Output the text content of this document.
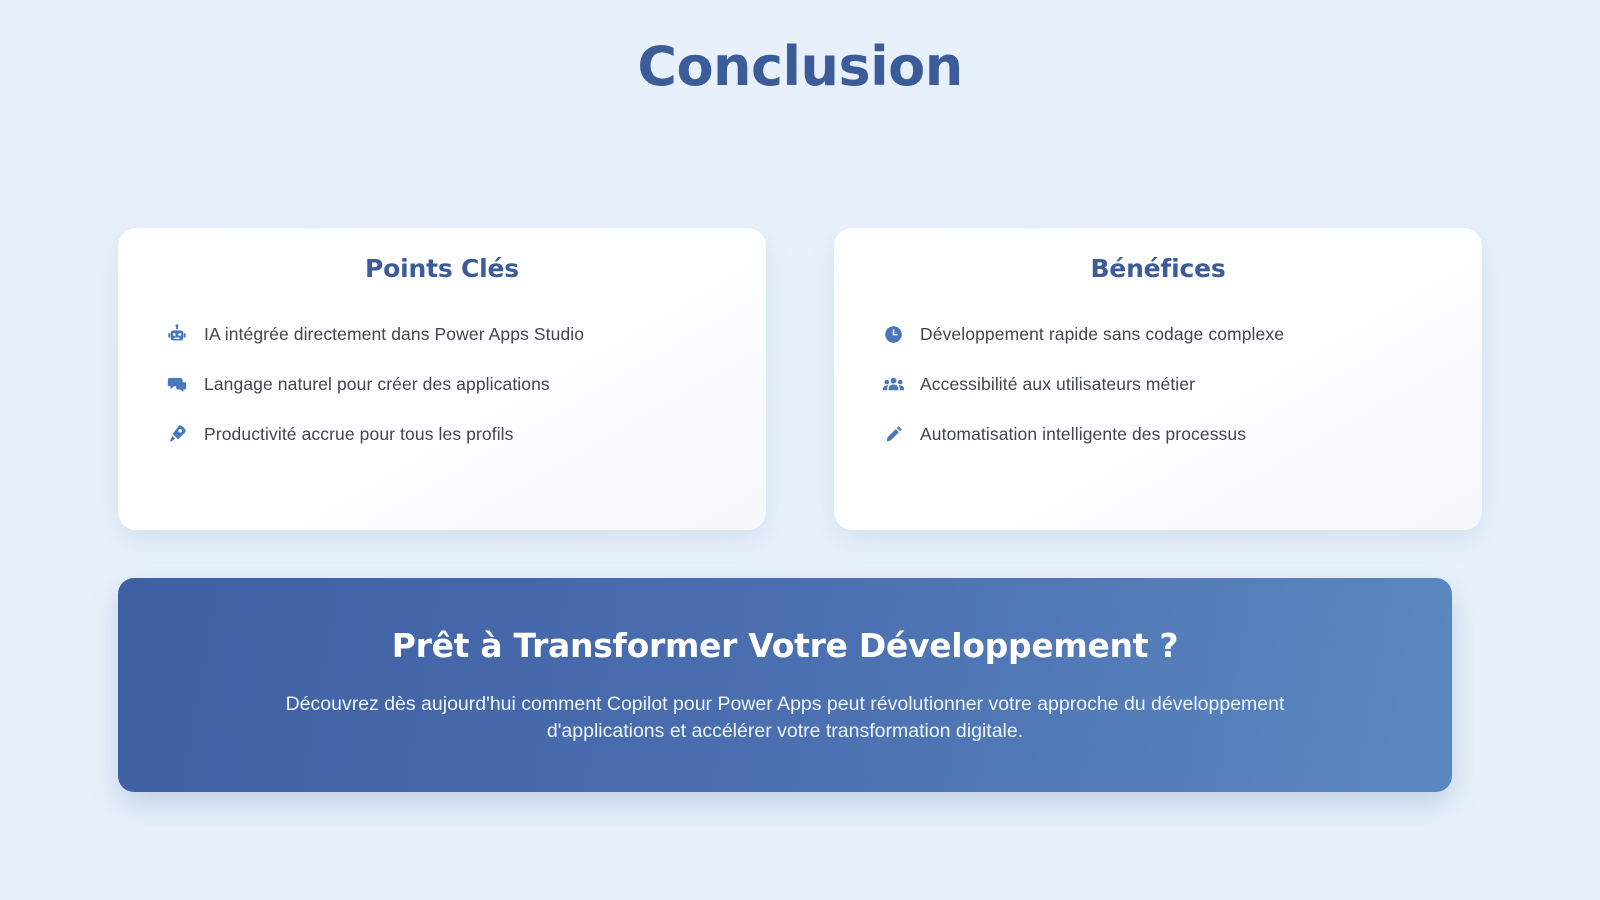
Conclusion
Points Clés
IA intégrée directement dans Power Apps Studio
Langage naturel pour créer des applications
Productivité accrue pour tous les profils
Bénéfices
Développement rapide sans codage complexe
Accessibilité aux utilisateurs métier
Automatisation intelligente des processus
Prêt à Transformer Votre Développement ?
Découvrez dès aujourd'hui comment Copilot pour Power Apps peut révolutionner votre approche du développement d'applications et accélérer votre transformation digitale.
